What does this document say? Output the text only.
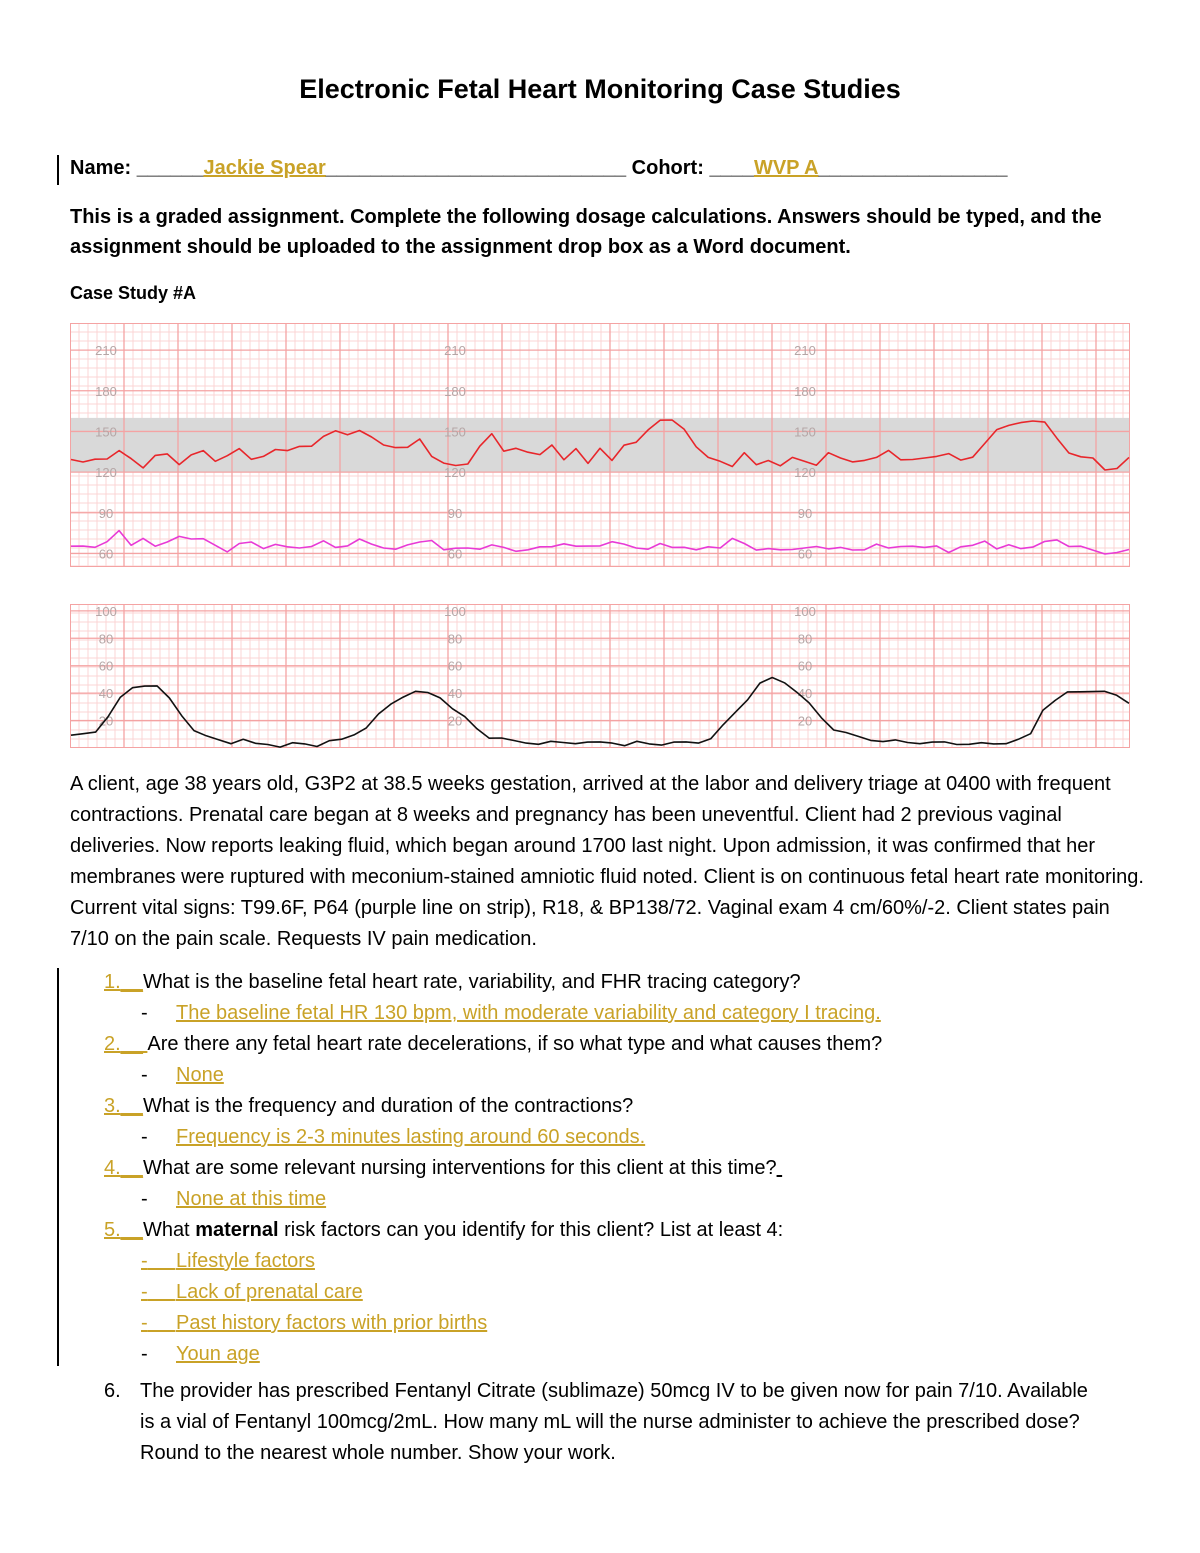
Electronic Fetal Heart Monitoring Case Studies
Name: ______Jackie Spear___________________________ Cohort: ____WVP A_________________
This is a graded assignment. Complete the following dosage calculations. Answers should be typed, and the assignment should be uploaded to the assignment drop box as a Word document.
Case Study #A
210
180
150
120
90
60
210
180
150
120
90
60
210
180
150
120
90
60
100
80
60
40
20
100
80
60
40
20
100
80
60
40
20
A client, age 38 years old, G3P2 at 38.5 weeks gestation, arrived at the labor and delivery triage at 0400 with frequent contractions. Prenatal care began at 8 weeks and pregnancy has been uneventful. Client had 2 previous vaginal deliveries. Now reports leaking fluid, which began around 1700 last night. Upon admission, it was confirmed that her membranes were ruptured with meconium-stained amniotic fluid noted. Client is on continuous fetal heart rate monitoring. Current vital signs: T99.6F, P64 (purple line on strip), R18, & BP138/72. Vaginal exam 4 cm/60%/-2. Client states pain 7/10 on the pain scale. Requests IV pain medication.
1.__What is the baseline fetal heart rate, variability, and FHR tracing category?
- The baseline fetal HR 130 bpm, with moderate variability and category I tracing.
2.__ Are there any fetal heart rate decelerations, if so what type and what causes them?
- None
3.__What is the frequency and duration of the contractions?
- Frequency is 2-3 minutes lasting around 60 seconds.
4.__What are some relevant nursing interventions for this client at this time?
- None at this time
5.__What maternal risk factors can you identify for this client? List at least 4:
- Lifestyle factors
- Lack of prenatal care
- Past history factors with prior births
- Youn age
6. The provider has prescribed Fentanyl Citrate (sublimaze) 50mcg IV to be given now for pain 7/10. Available is a vial of Fentanyl 100mcg/2mL. How many mL will the nurse administer to achieve the prescribed dose? Round to the nearest whole number. Show your work.
